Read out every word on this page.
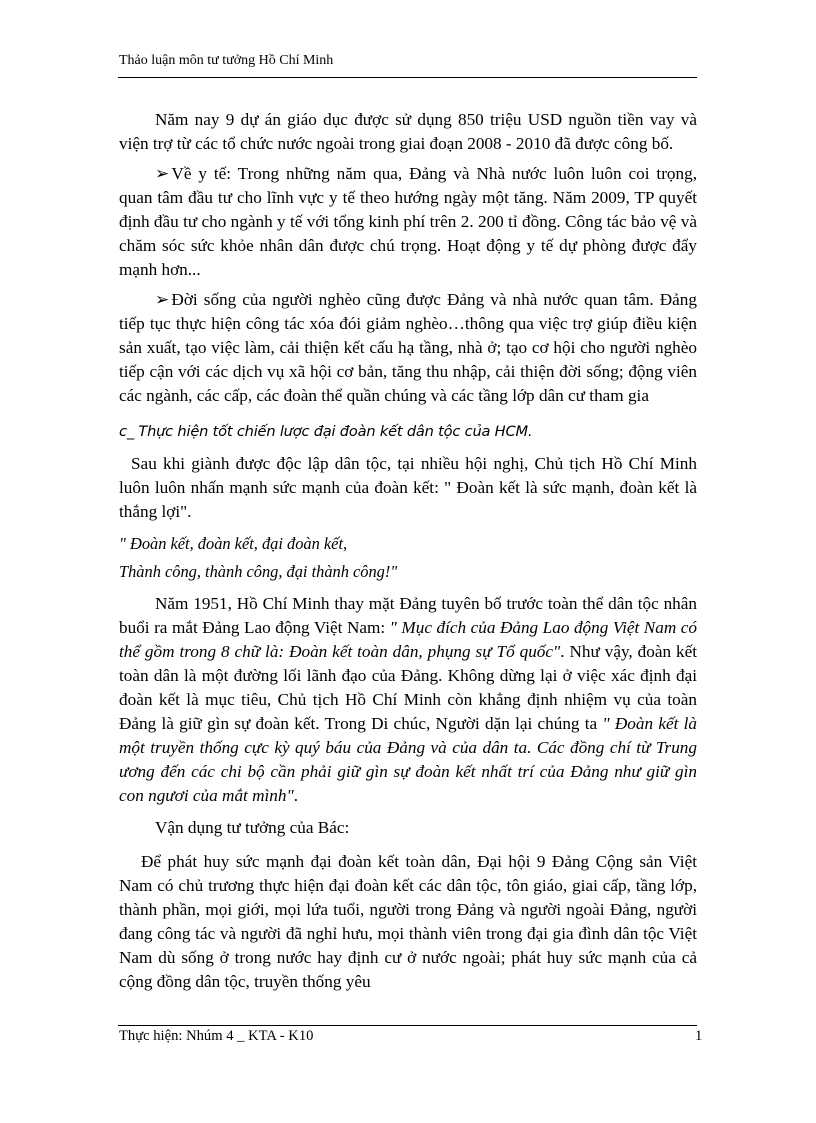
Thảo luận môn tư tưởng Hồ Chí Minh

Năm nay 9 dự án giáo dục được sử dụng 850 triệu USD nguồn tiền vay và viện trợ từ các tổ chức nước ngoài trong giai đoạn 2008 - 2010 đã được công bố.

➢ Về y tế: Trong những năm qua, Đảng và Nhà nước luôn luôn coi trọng, quan tâm đầu tư cho lĩnh vực y tế theo hướng ngày một tăng. Năm 2009, TP quyết định đầu tư cho ngành y tế với tổng kinh phí trên 2. 200 tỉ đồng. Công tác bảo vệ và chăm sóc sức khỏe nhân dân được chú trọng. Hoạt động y tế dự phòng được đẩy mạnh hơn...

➢ Đời sống của người nghèo cũng được Đảng và nhà nước quan tâm. Đảng tiếp tục thực hiện công tác xóa đói giảm nghèo…thông qua việc trợ giúp điều kiện sản xuất, tạo việc làm, cải thiện kết cấu hạ tầng, nhà ở; tạo cơ hội cho người nghèo tiếp cận với các dịch vụ xã hội cơ bản, tăng thu nhập, cải thiện đời sống; động viên các ngành, các cấp, các đoàn thể quần chúng và các tầng lớp dân cư tham gia

c_ Thực hiện tốt chiến lược đại đoàn kết dân tộc của HCM.

Sau khi giành được độc lập dân tộc, tại nhiều hội nghị, Chủ tịch Hồ Chí Minh luôn luôn nhấn mạnh sức mạnh của đoàn kết: " Đoàn kết là sức mạnh, đoàn kết là thắng lợi".

" Đoàn kết, đoàn kết, đại đoàn kết,

Thành công, thành công, đại thành công!"

Năm 1951, Hồ Chí Minh thay mặt Đảng tuyên bố trước toàn thể dân tộc nhân buổi ra mắt Đảng Lao động Việt Nam: " Mục đích của Đảng Lao động Việt Nam có thể gồm trong 8 chữ là: Đoàn kết toàn dân, phụng sự Tổ quốc". Như vậy, đoàn kết toàn dân là một đường lối lãnh đạo của Đảng. Không dừng lại ở việc xác định đại đoàn kết là mục tiêu, Chủ tịch Hồ Chí Minh còn khẳng định nhiệm vụ của toàn Đảng là giữ gìn sự đoàn kết. Trong Di chúc, Người dặn lại chúng ta " Đoàn kết là một truyền thống cực kỳ quý báu của Đảng và của dân ta. Các đồng chí từ Trung ương đến các chi bộ cần phải giữ gìn sự đoàn kết nhất trí của Đảng như giữ gìn con ngươi của mắt mình".

Vận dụng tư tưởng của Bác:

Để phát huy sức mạnh đại đoàn kết toàn dân, Đại hội 9 Đảng Cộng sản Việt Nam có chủ trương thực hiện đại đoàn kết các dân tộc, tôn giáo, giai cấp, tầng lớp, thành phần, mọi giới, mọi lứa tuổi, người trong Đảng và người ngoài Đảng, người đang công tác và người đã nghỉ hưu, mọi thành viên trong đại gia đình dân tộc Việt Nam dù sống ở trong nước hay định cư ở nước ngoài; phát huy sức mạnh của cả cộng đồng dân tộc, truyền thống yêu

Thực hiện: Nhúm 4 _ KTA - K10	1
